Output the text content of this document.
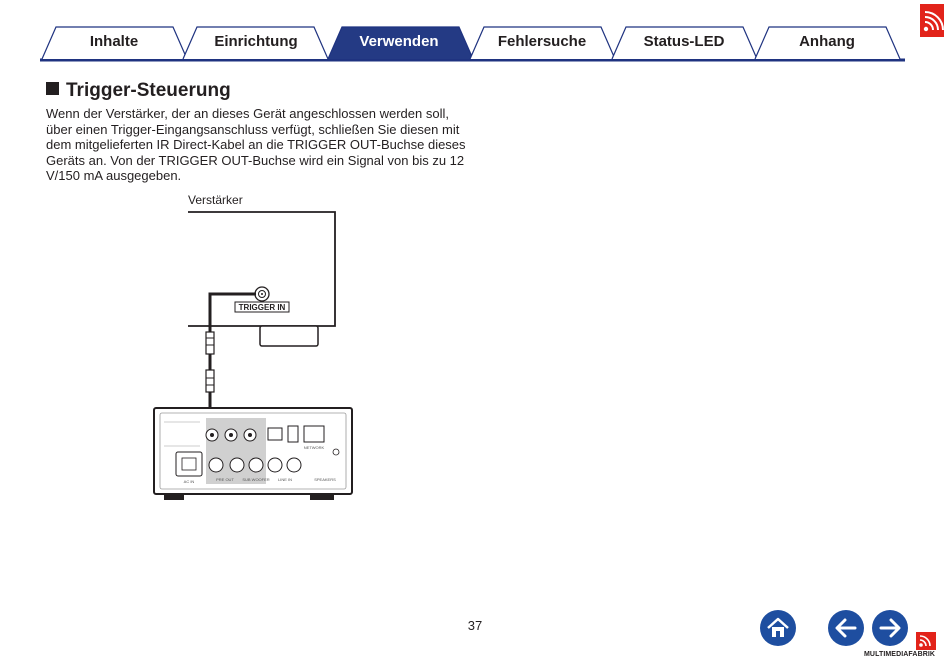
Inhalte	Einrichtung	Verwenden	Fehlersuche	Status-LED	Anhang
Trigger-Steuerung
Wenn der Verstärker, der an dieses Gerät angeschlossen werden soll,
über einen Trigger-Eingangsanschluss verfügt, schließen Sie diesen mit
dem mitgelieferten IR Direct-Kabel an die TRIGGER OUT-Buchse dieses
Geräts an. Von der TRIGGER OUT-Buchse wird ein Signal von bis zu 12
V/150 mA ausgegeben.
Verstärker
TRIGGER IN
AC IN
NETWORK
PRE OUT	LINE IN
SUB WOOFER	SPEAKERS
37
MULTIMEDIAFABRIK
